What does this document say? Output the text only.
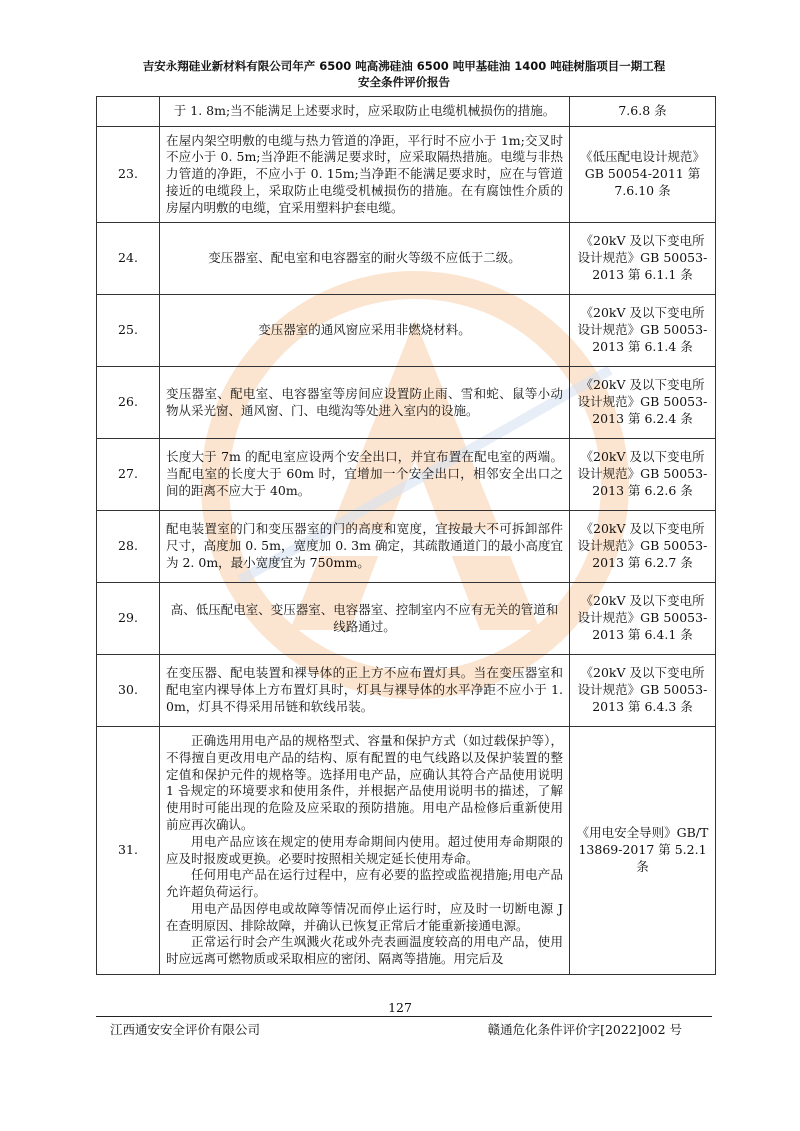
吉安永翔硅业新材料有限公司年产 6500 吨高沸硅油 6500 吨甲基硅油 1400 吨硅树脂项目一期工程
安全条件评价报告

	于 1. 8m;当不能满足上述要求时，应采取防止电缆机械损伤的措施。	7.6.8 条
23.	在屋内架空明敷的电缆与热力管道的净距，平行时不应小于 1m;交叉时不应小于 0. 5m;当净距不能满足要求时，应采取隔热措施。电缆与非热力管道的净距，不应小于 0. 15m;当净距不能满足要求时，应在与管道接近的电缆段上，采取防止电缆受机械损伤的措施。在有腐蚀性介质的房屋内明敷的电缆，宜采用塑料护套电缆。	《低压配电设计规范》GB 50054-2011 第 7.6.10 条
24.	变压器室、配电室和电容器室的耐火等级不应低于二级。	《20kV 及以下变电所设计规范》GB 50053-2013 第 6.1.1 条
25.	变压器室的通风窗应采用非燃烧材料。	《20kV 及以下变电所设计规范》GB 50053-2013 第 6.1.4 条
26.	变压器室、配电室、电容器室等房间应设置防止雨、雪和蛇、鼠等小动物从采光窗、通风窗、门、电缆沟等处进入室内的设施。	《20kV 及以下变电所设计规范》GB 50053-2013 第 6.2.4 条
27.	长度大于 7m 的配电室应设两个安全出口，并宜布置在配电室的两端。当配电室的长度大于 60m 时，宜增加一个安全出口，相邻安全出口之间的距离不应大于 40m。	《20kV 及以下变电所设计规范》GB 50053-2013 第 6.2.6 条
28.	配电装置室的门和变压器室的门的高度和宽度，宜按最大不可拆卸部件尺寸，高度加 0. 5m，宽度加 0. 3m 确定，其疏散通道门的最小高度宜为 2. 0m，最小宽度宜为 750mm。	《20kV 及以下变电所设计规范》GB 50053-2013 第 6.2.7 条
29.	高、低压配电室、变压器室、电容器室、控制室内不应有无关的管道和线路通过。	《20kV 及以下变电所设计规范》GB 50053-2013 第 6.4.1 条
30.	在变压器、配电装置和裸导体的正上方不应布置灯具。当在变压器室和配电室内裸导体上方布置灯具时，灯具与裸导体的水平净距不应小于 1. 0m，灯具不得采用吊链和软线吊装。	《20kV 及以下变电所设计规范》GB 50053-2013 第 6.4.3 条
31.	正确选用用电产品的规格型式、容量和保护方式（如过载保护等），不得擅自更改用电产品的结构、原有配置的电气线路以及保护装置的整定值和保护元件的规格等。选择用电产品，应确认其符合产品使用说明 1 읍规定的环境要求和使用条件，并根据产品使用说明书的描述，了解使用时可能出现的危险及应采取的预防措施。用电产品检修后重新使用前应再次确认。

用电产品应该在规定的使用寿命期间内使用。超过使用寿命期限的应及时报废或更换。必要时按照相关规定延长使用寿命。

任何用电产品在运行过程中，应有必要的监控或监视措施;用电产品允许超负荷运行。

用电产品因停电或故障等情况而停止运行时，应及时一切断电源 J 在查明原因、排除故障，并确认已恢复正常后才能重新接通电源。

正常运行时会产生飒溅火花或外壳表画温度较高的用电产品，使用时应远离可燃物质或采取相应的密闭、隔离等措施。用完后及	《用电安全导则》GB/T 13869-2017 第 5.2.1 条
127
江西通安安全评价有限公司	赣通危化条件评价字[2022]002 号
